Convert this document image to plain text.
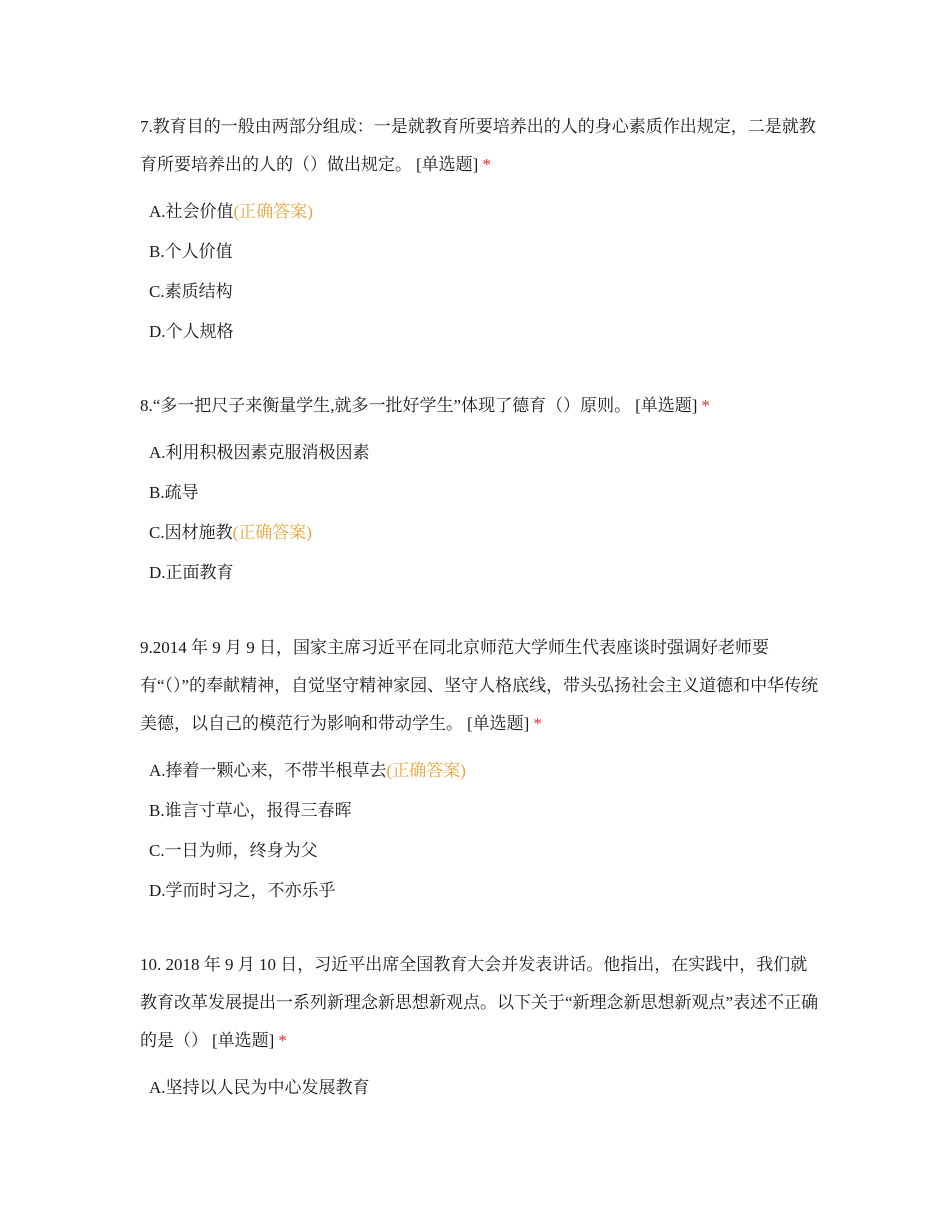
7.教育目的一般由两部分组成：一是就教育所要培养出的人的身心素质作出规定，二是就教育所要培养出的人的（）做出规定。 [单选题] *

A.社会价值(正确答案)
B.个人价值
C.素质结构
D.个人规格

8.“多一把尺子来衡量学生,就多一批好学生”体现了德育（）原则。 [单选题] *

A.利用积极因素克服消极因素
B.疏导
C.因材施教(正确答案)
D.正面教育

9.2014 年 9 月 9 日，国家主席习近平在同北京师范大学师生代表座谈时强调好老师要有“（）”的奉献精神，自觉坚守精神家园、坚守人格底线，带头弘扬社会主义道德和中华传统美德，以自己的模范行为影响和带动学生。 [单选题] *

A.捧着一颗心来，不带半根草去(正确答案)
B.谁言寸草心，报得三春晖
C.一日为师，终身为父
D.学而时习之，不亦乐乎

10. 2018 年 9 月 10 日，习近平出席全国教育大会并发表讲话。他指出，在实践中，我们就教育改革发展提出一系列新理念新思想新观点。以下关于“新理念新思想新观点”表述不正确的是（） [单选题] *

A.坚持以人民为中心发展教育
